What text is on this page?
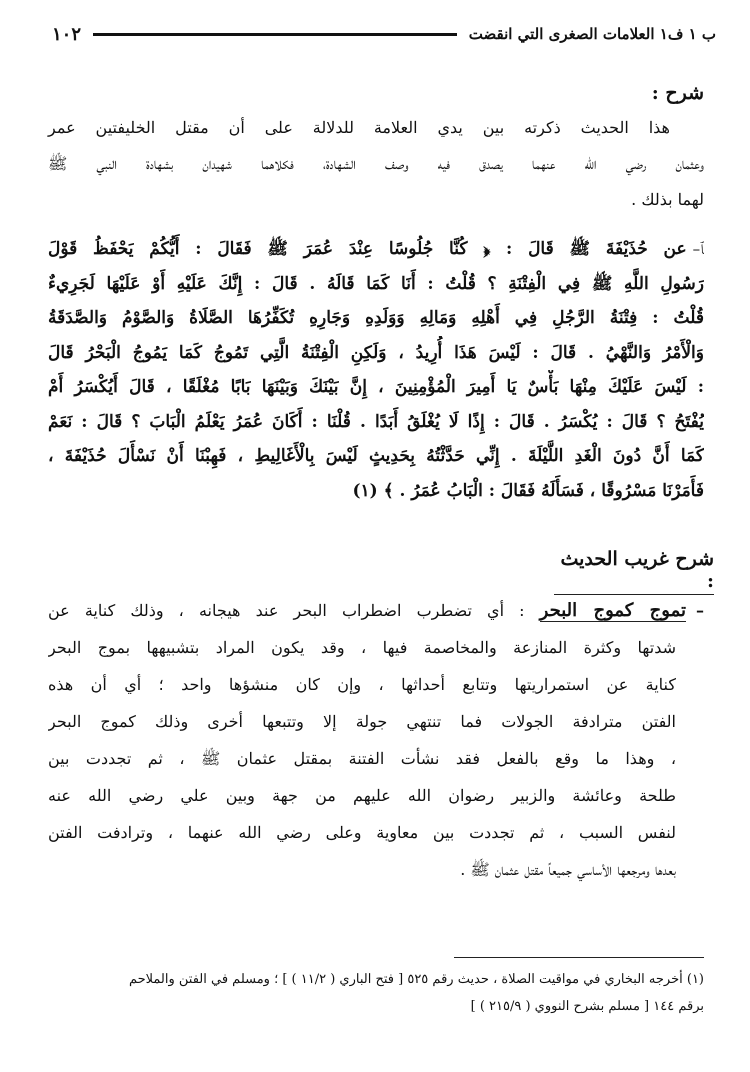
ب ١ ف١ العلامات الصغرى التي انقضت
١٠٢
شرح :
هذا الحديث ذكرته بين يدي العلامة للدلالة على أن مقتل الخليفتين عمر
وعثمان رضي الله عنهما يصدق فيه وصف الشهادة، فكلاهما شهيدان بشهادة النبي ﷺ
لهما بذلك .
ﭑ–عن حُذَيْفَةَ ﷺ قَالَ : ﴿ كُنَّا جُلُوسًا عِنْدَ عُمَرَ ﷺ فَقَالَ : أَيُّكُمْ يَحْفَظُ قَوْلَ
رَسُولِ اللَّهِ ﷺ فِي الْفِتْنَةِ ؟ قُلْتُ : أَنَا كَمَا قَالَهُ . قَالَ : إِنَّكَ عَلَيْهِ أَوْ عَلَيْهَا لَجَرِيءٌ
قُلْتُ : فِتْنَةُ الرَّجُلِ فِي أَهْلِهِ وَمَالِهِ وَوَلَدِهِ وَجَارِهِ تُكَفِّرُهَا الصَّلَاةُ وَالصَّوْمُ وَالصَّدَقَةُ
وَالْأَمْرُ وَالنَّهْيُ . قَالَ : لَيْسَ هَذَا أُرِيدُ ، وَلَكِنِ الْفِتْنَةُ الَّتِي تَمُوجُ كَمَا يَمُوجُ الْبَحْرُ قَالَ
: لَيْسَ عَلَيْكَ مِنْهَا بَأْسٌ يَا أَمِيرَ الْمُؤْمِنِينَ ، إِنَّ بَيْنَكَ وَبَيْنَهَا بَابًا مُغْلَقًا ، قَالَ أَيُكْسَرُ أَمْ
يُفْتَحُ ؟ قَالَ : يُكْسَرُ . قَالَ : إِذًا لَا يُغْلَقُ أَبَدًا . قُلْنَا : أَكَانَ عُمَرُ يَعْلَمُ الْبَابَ ؟ قَالَ : نَعَمْ
كَمَا أَنَّ دُونَ الْغَدِ اللَّيْلَةَ . إِنِّي حَدَّثْتُهُ بِحَدِيثٍ لَيْسَ بِالْأَغَالِيطِ ، فَهِبْنَا أَنْ نَسْأَلَ حُذَيْفَةَ ،
فَأَمَرْنَا مَسْرُوقًا ، فَسَأَلَهُ فَقَالَ : الْبَابُ عُمَرُ . ﴾ (١)
شرح غريب الحديث :
–تموج كموج البحر : أي تضطرب اضطراب البحر عند هيجانه ، وذلك كناية عن
شدتها وكثرة المنازعة والمخاصمة فيها ، وقد يكون المراد بتشبيهها بموج البحر
كناية عن استمراريتها وتتابع أحداثها ، وإن كان منشؤها واحد ؛ أي أن هذه
الفتن مترادفة الجولات فما تنتهي جولة إلا وتتبعها أخرى وذلك كموج البحر
، وهذا ما وقع بالفعل فقد نشأت الفتنة بمقتل عثمان ﷺ ، ثم تجددت بين
طلحة وعائشة والزبير رضوان الله عليهم من جهة وبين علي رضي الله عنه
لنفس السبب ، ثم تجددت بين معاوية وعلى رضي الله عنهما ، وترادفت الفتن
بعدها ومرجعها الأساسي جميعاً مقتل عثمان ﷺ .
(١) أخرجه البخاري في مواقيت الصلاة ، حديث رقم ٥٢٥ [ فتح الباري ( ١١/٢ ) ] ؛ ومسلم في الفتن والملاحم
برقم ١٤٤ [ مسلم بشرح النووي ( ٢١٥/٩ ) ]
